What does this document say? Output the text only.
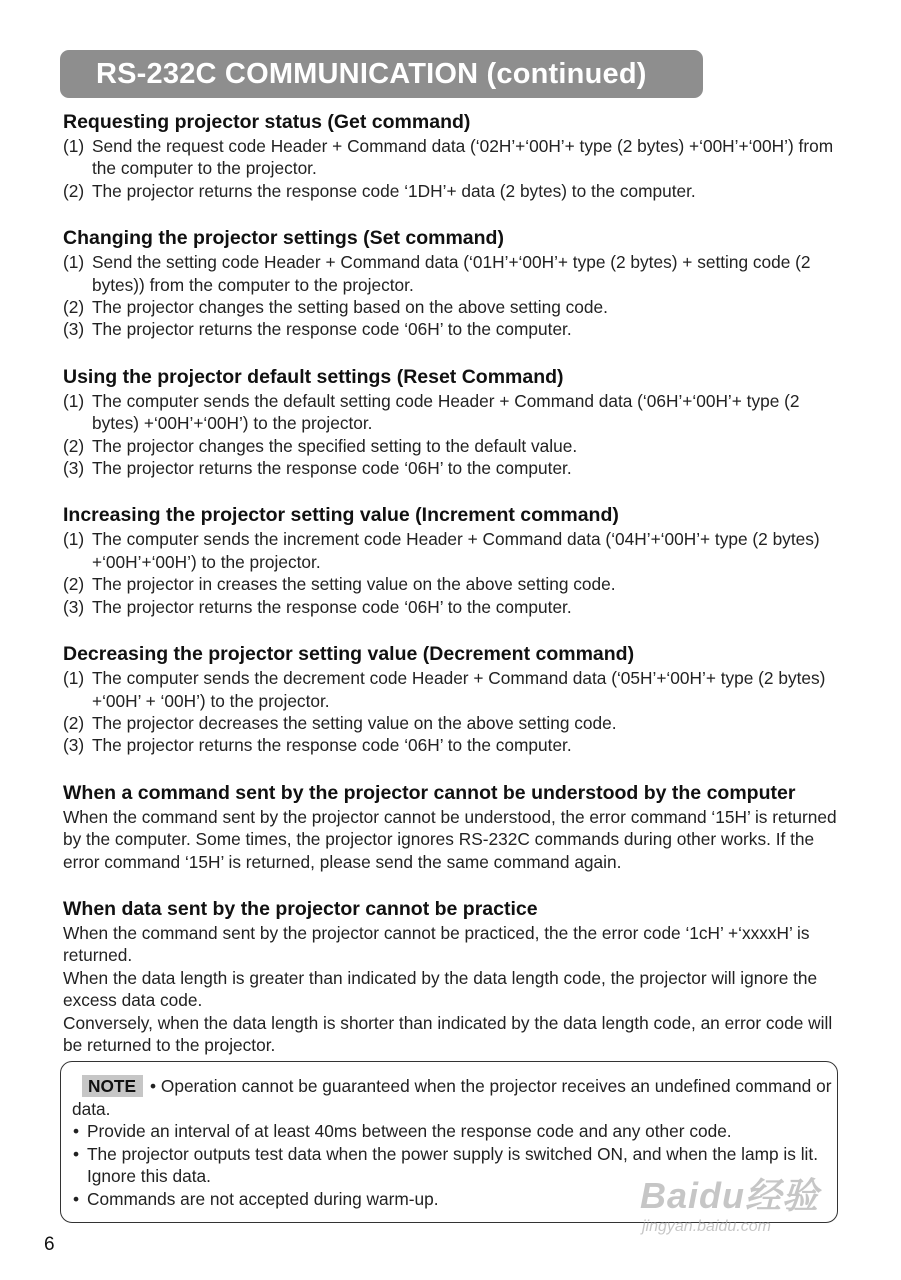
RS-232C COMMUNICATION (continued)
Requesting projector status (Get command)
(1) Send the request code Header + Command data (‘02H’+‘00H’+ type (2 bytes) +‘00H’+‘00H’) from the computer to the projector.
(2) The projector returns the response code ‘1DH’+ data (2 bytes) to the computer.
Changing the projector settings (Set command)
(1) Send the setting code Header + Command data (‘01H’+‘00H’+ type (2 bytes) + setting code (2 bytes)) from the computer to the projector.
(2) The projector changes the setting based on the above setting code.
(3) The projector returns the response code ‘06H’ to the computer.
Using the projector default settings (Reset Command)
(1) The computer sends the default setting code Header + Command data (‘06H’+‘00H’+ type (2 bytes) +‘00H’+‘00H’) to the projector.
(2) The projector changes the specified setting to the default value.
(3) The projector returns the response code ‘06H’ to the computer.
Increasing the projector setting value (Increment command)
(1) The computer sends the increment code Header + Command data (‘04H’+‘00H’+ type (2 bytes) +‘00H’+‘00H’) to the projector.
(2) The projector in creases the setting value on the above setting code.
(3) The projector returns the response code ‘06H’ to the computer.
Decreasing the projector setting value (Decrement command)
(1) The computer sends the decrement code Header + Command data (‘05H’+‘00H’+ type (2 bytes) +‘00H’ + ‘00H’) to the projector.
(2) The projector decreases the setting value on the above setting code.
(3) The projector returns the response code ‘06H’ to the computer.
When a command sent by the projector cannot be understood by the computer

When the command sent by the projector cannot be understood, the error command ‘15H’ is returned by the computer. Some times, the projector ignores RS-232C commands during other works. If the error command ‘15H’ is returned, please send the same command again.

When data sent by the projector cannot be practice

When the command sent by the projector cannot be practiced, the the error code ‘1cH’ +‘xxxxH’ is returned.

When the data length is greater than indicated by the data length code, the projector will ignore the excess data code.

Conversely, when the data length is shorter than indicated by the data length code, an error code will be returned to the projector.

NOTE • Operation cannot be guaranteed when the projector receives an undefined command or data.
• Provide an interval of at least 40ms between the response code and any other code.
• The projector outputs test data when the power supply is switched ON, and when the lamp is lit. Ignore this data.
• Commands are not accepted during warm-up.	Baidu经验
jingyan.baidu.com
6
